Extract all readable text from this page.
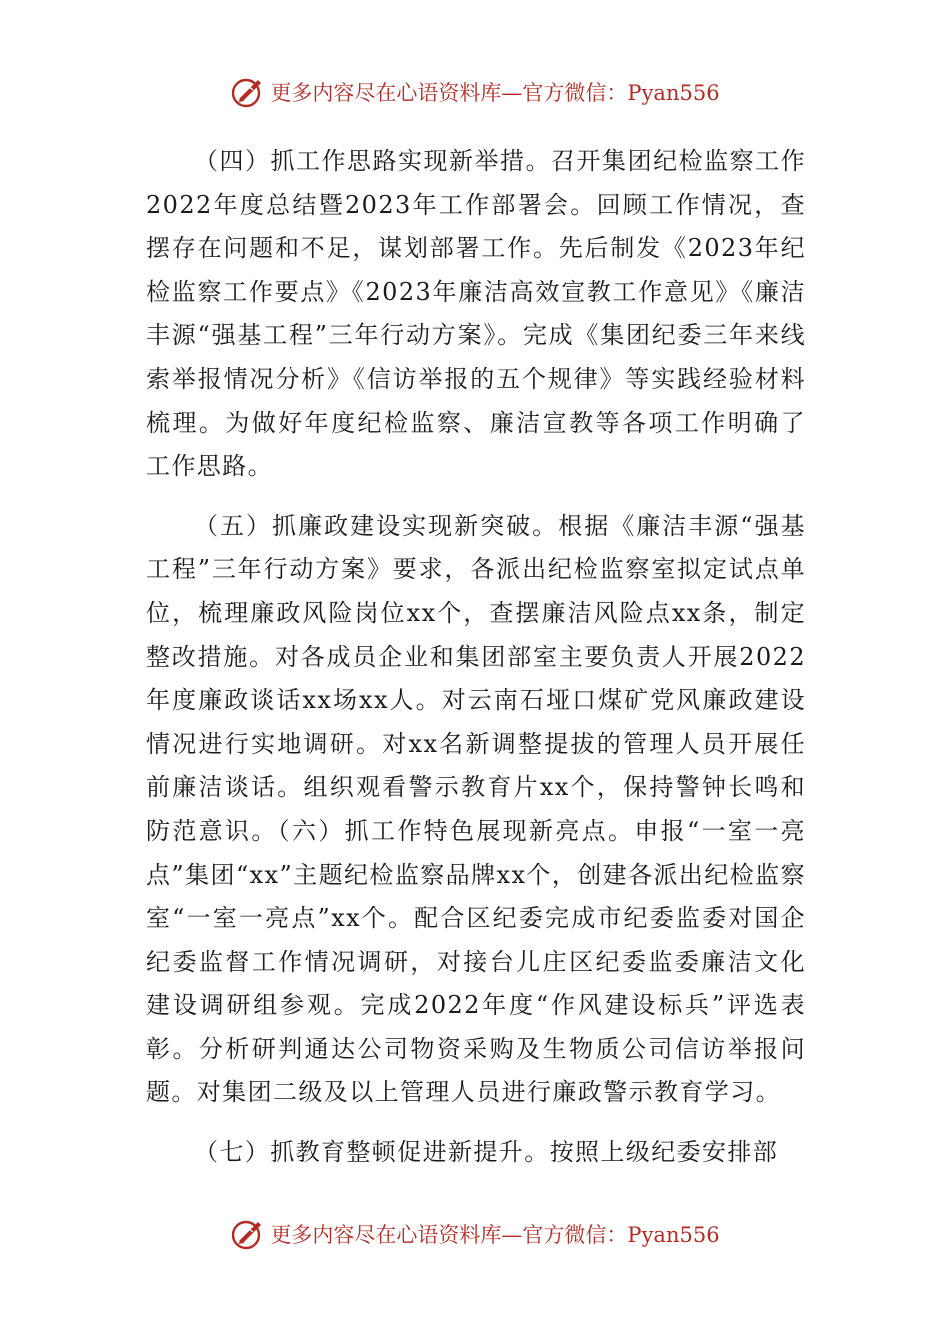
更多内容尽在心语资料库—官方微信：Pyan556

（四）抓工作思路实现新举措。召开集团纪检监察工作2022年度总结暨2023年工作部署会。回顾工作情况，查摆存在问题和不足，谋划部署工作。先后制发《2023年纪检监察工作要点》《2023年廉洁高效宣教工作意见》《廉洁丰源“强基工程”三年行动方案》。完成《集团纪委三年来线索举报情况分析》《信访举报的五个规律》等实践经验材料梳理。为做好年度纪检监察、廉洁宣教等各项工作明确了工作思路。

（五）抓廉政建设实现新突破。根据《廉洁丰源“强基工程”三年行动方案》要求，各派出纪检监察室拟定试点单位，梳理廉政风险岗位xx个，查摆廉洁风险点xx条，制定整改措施。对各成员企业和集团部室主要负责人开展2022年度廉政谈话xx场xx人。对云南石垭口煤矿党风廉政建设情况进行实地调研。对xx名新调整提拔的管理人员开展任前廉洁谈话。组织观看警示教育片xx个，保持警钟长鸣和防范意识。（六）抓工作特色展现新亮点。申报“一室一亮点”集团“xx”主题纪检监察品牌xx个，创建各派出纪检监察室“一室一亮点”xx个。配合区纪委完成市纪委监委对国企纪委监督工作情况调研，对接台儿庄区纪委监委廉洁文化建设调研组参观。完成2022年度“作风建设标兵”评选表彰。分析研判通达公司物资采购及生物质公司信访举报问题。对集团二级及以上管理人员进行廉政警示教育学习。

（七）抓教育整顿促进新提升。按照上级纪委安排部

更多内容尽在心语资料库—官方微信：Pyan556
